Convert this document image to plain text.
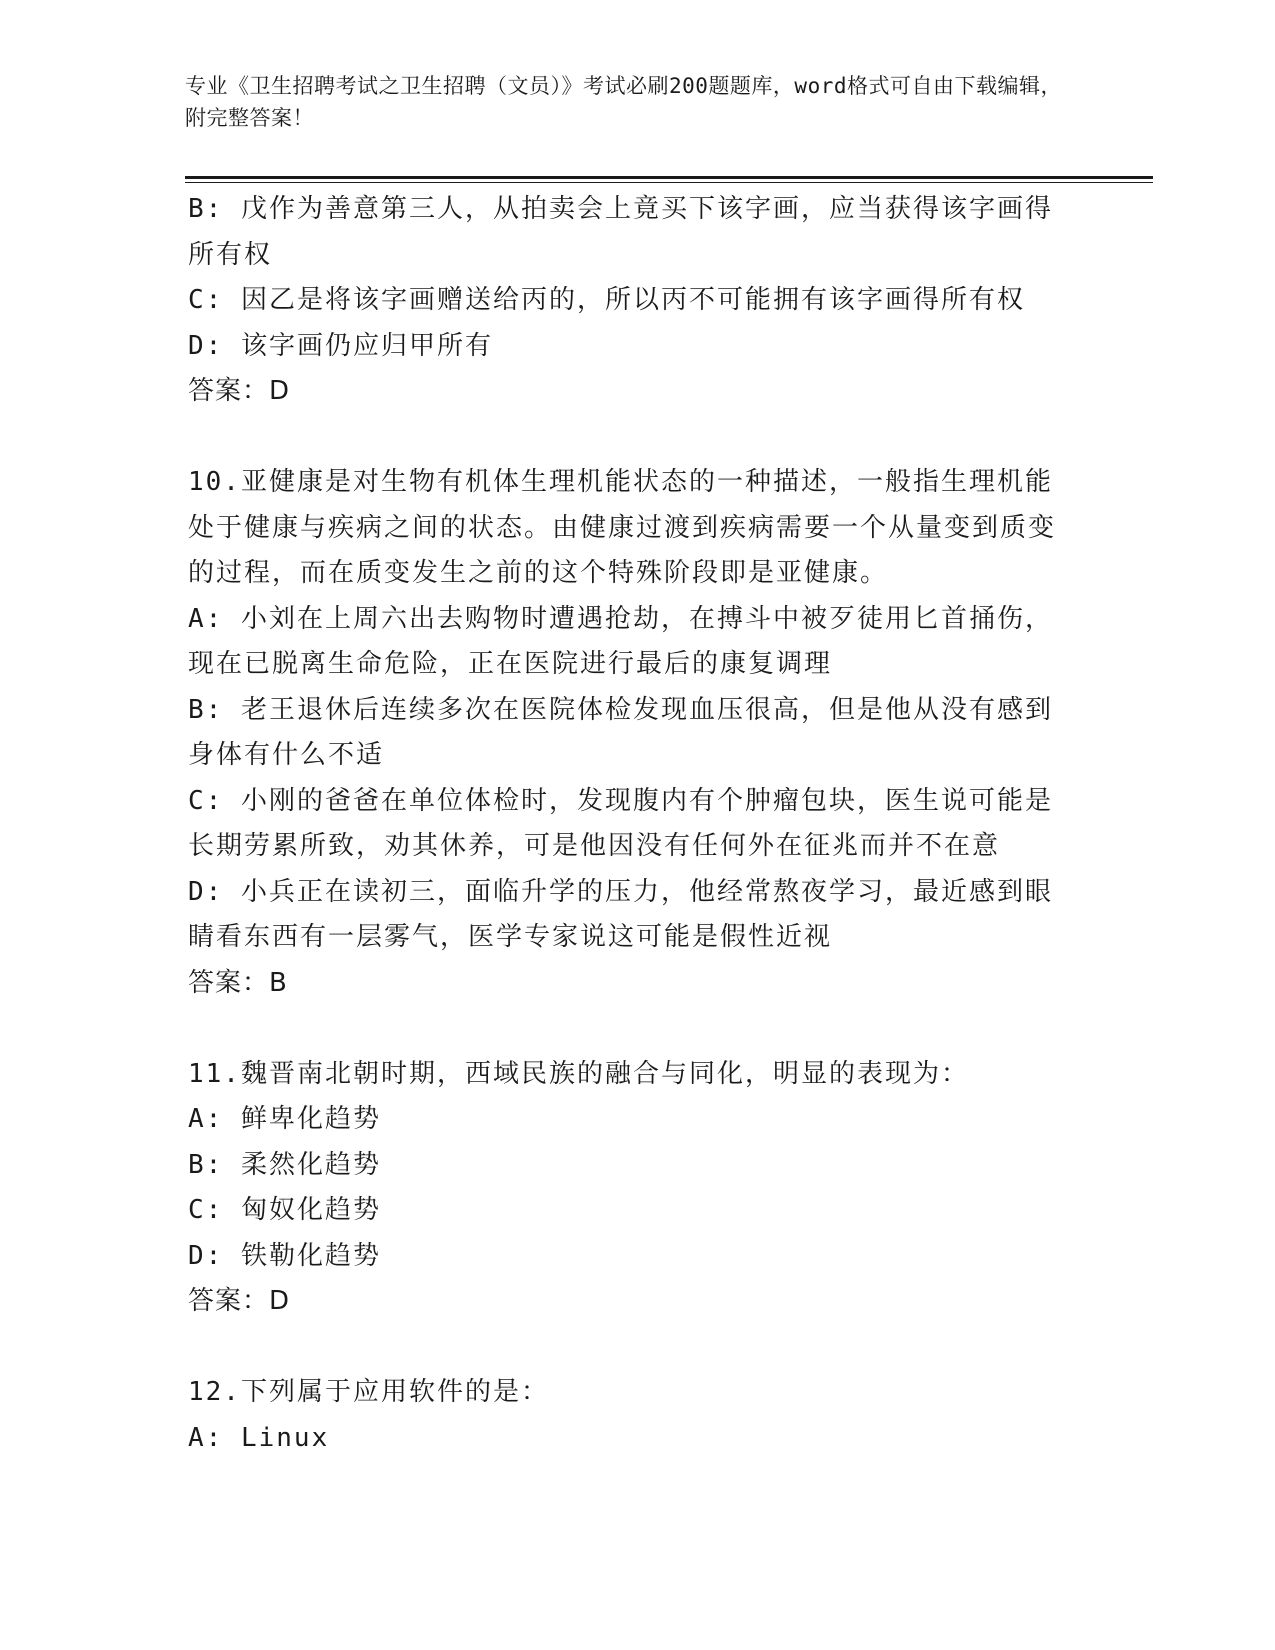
专业《卫生招聘考试之卫生招聘（文员）》考试必刷200题题库，word格式可自由下载编辑，附完整答案！

B: 戊作为善意第三人，从拍卖会上竟买下该字画，应当获得该字画得所有权

C: 因乙是将该字画赠送给丙的，所以丙不可能拥有该字画得所有权

D: 该字画仍应归甲所有

答案：D

10.亚健康是对生物有机体生理机能状态的一种描述，一般指生理机能处于健康与疾病之间的状态。由健康过渡到疾病需要一个从量变到质变的过程，而在质变发生之前的这个特殊阶段即是亚健康。

A: 小刘在上周六出去购物时遭遇抢劫，在搏斗中被歹徒用匕首捅伤，现在已脱离生命危险，正在医院进行最后的康复调理

B: 老王退休后连续多次在医院体检发现血压很高，但是他从没有感到身体有什么不适

C: 小刚的爸爸在单位体检时，发现腹内有个肿瘤包块，医生说可能是长期劳累所致，劝其休养，可是他因没有任何外在征兆而并不在意

D: 小兵正在读初三，面临升学的压力，他经常熬夜学习，最近感到眼睛看东西有一层雾气，医学专家说这可能是假性近视

答案：B

11.魏晋南北朝时期，西域民族的融合与同化，明显的表现为：

A: 鲜卑化趋势

B: 柔然化趋势

C: 匈奴化趋势

D: 铁勒化趋势

答案：D

12.下列属于应用软件的是：

A: Linux
